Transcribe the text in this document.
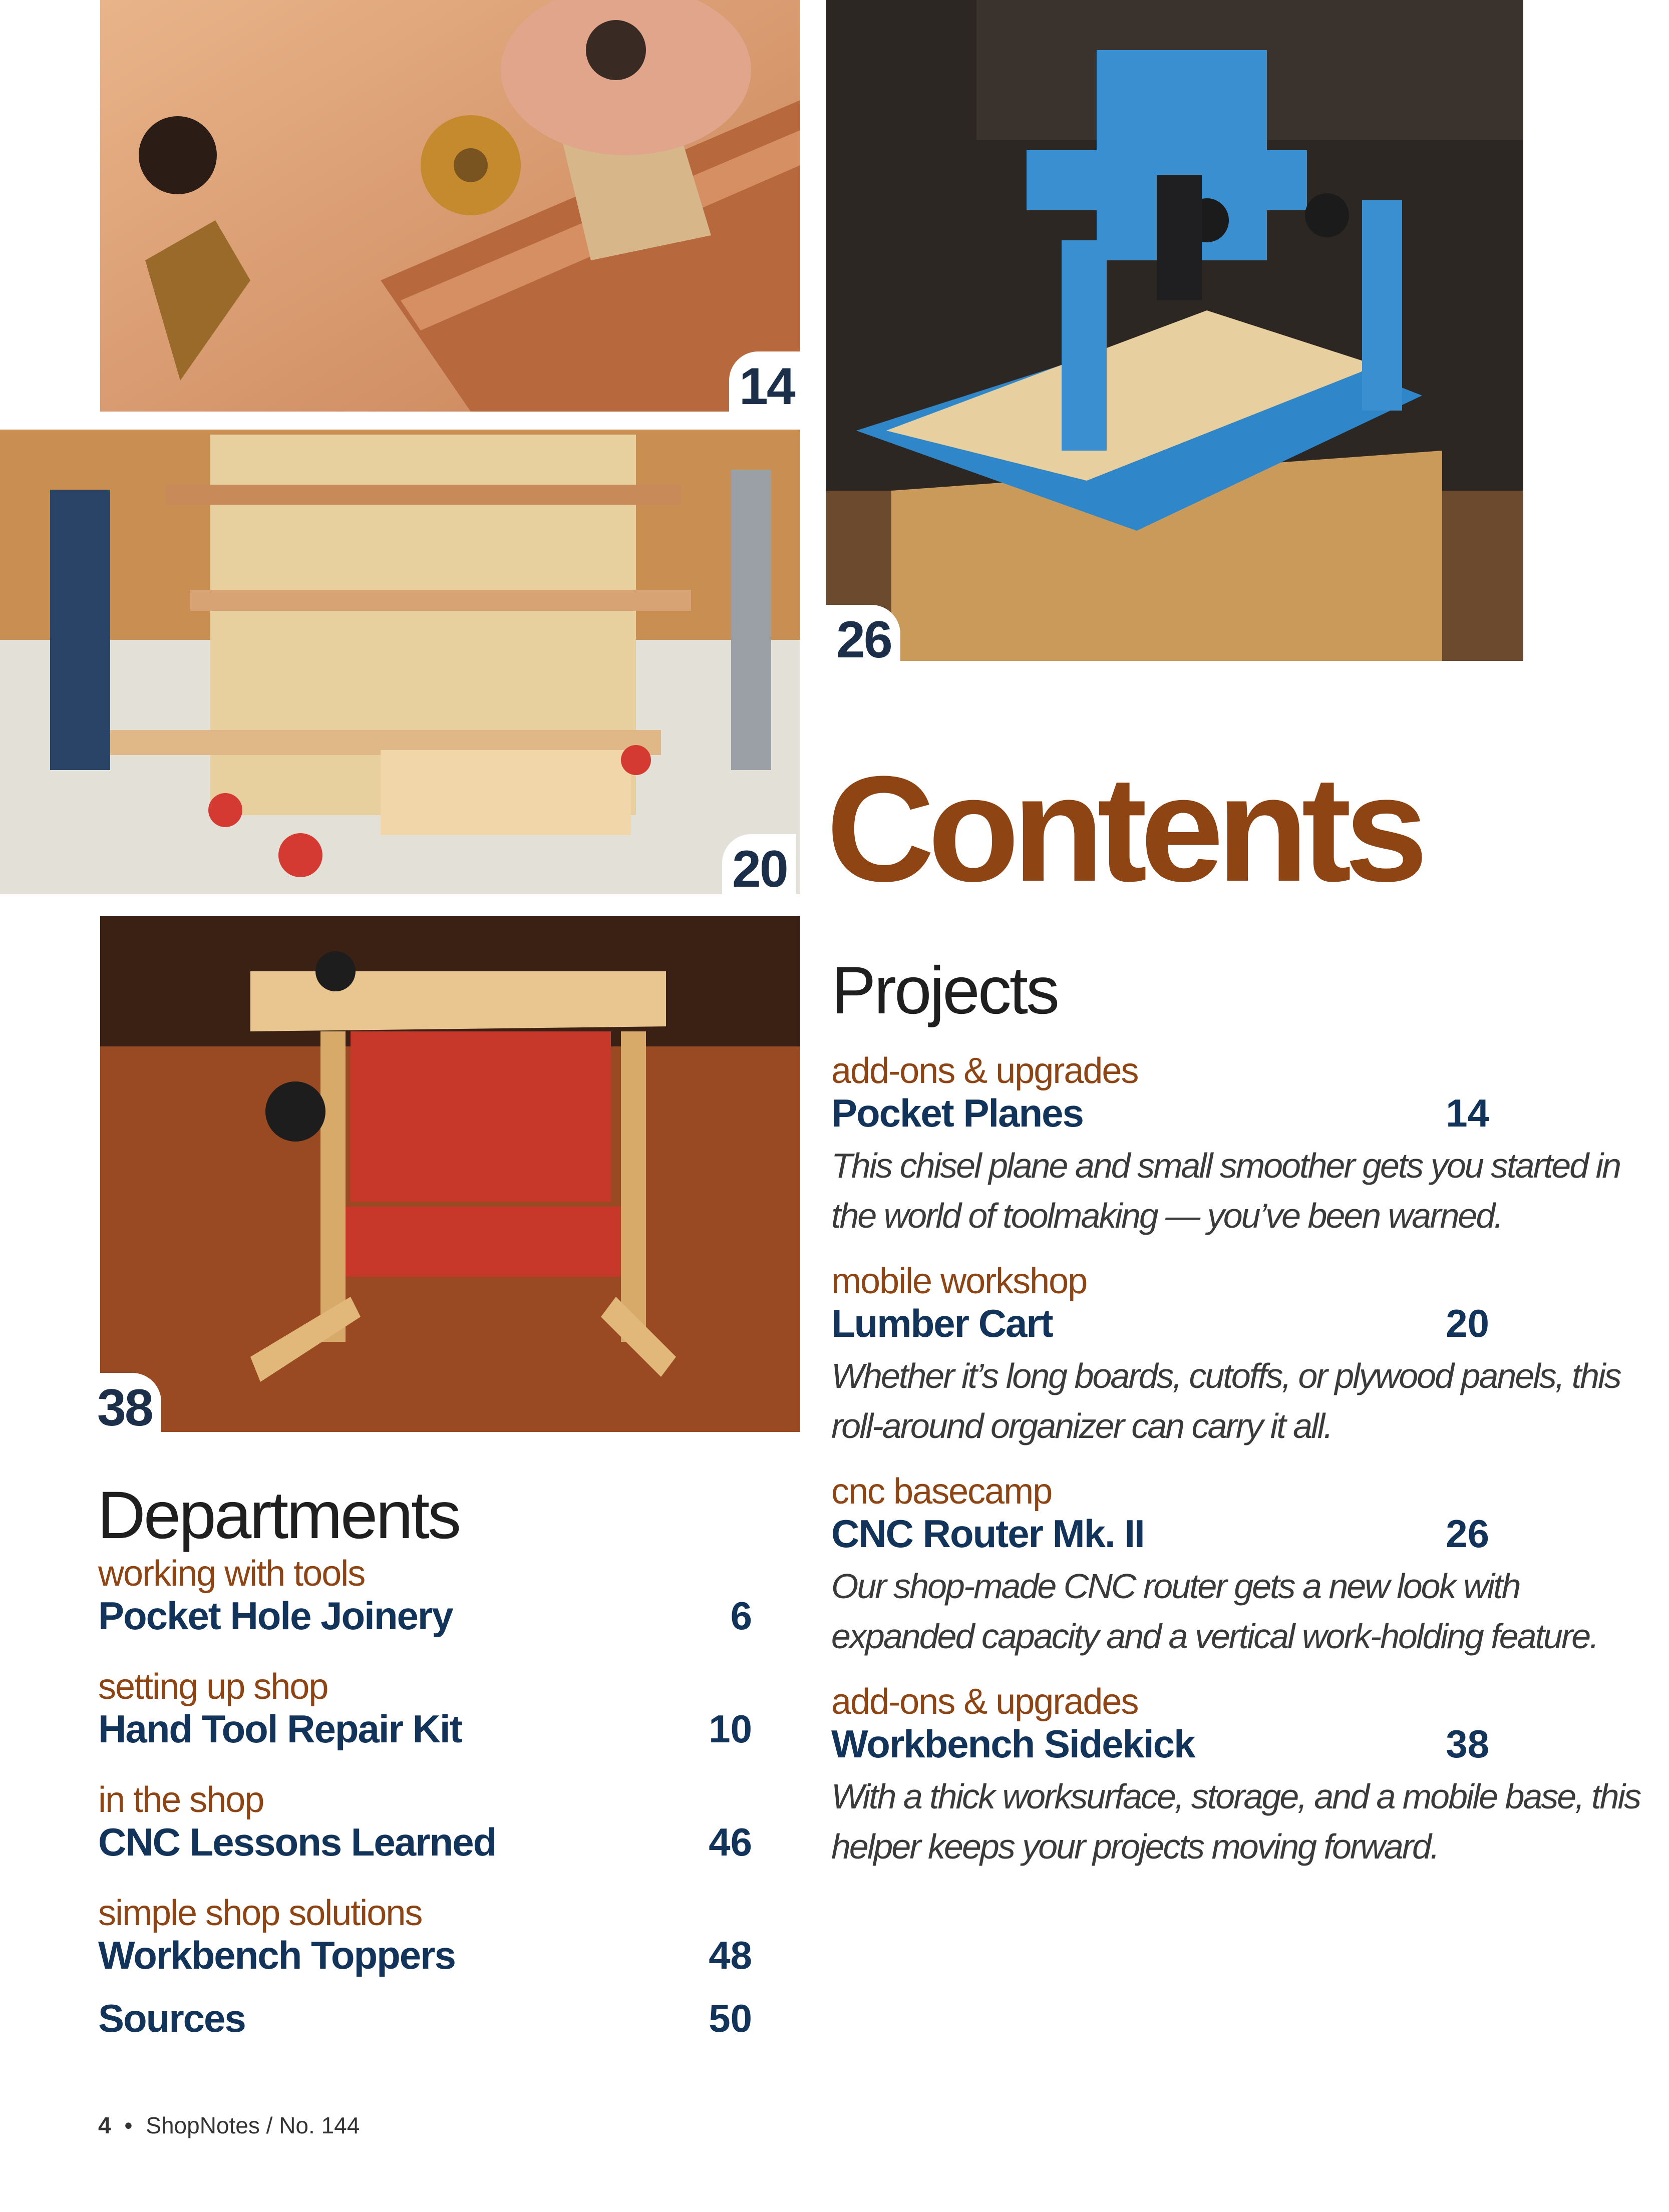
14
26
20
38
Contents
Projects
add-ons & upgrades
Pocket Planes	14
This chisel plane and small smoother gets you started in
the world of toolmaking — you’ve been warned.
mobile workshop
Lumber Cart	20
Whether it’s long boards, cutoffs, or plywood panels, this
roll-around organizer can carry it all.
cnc basecamp
CNC Router Mk. II	26
Our shop-made CNC router gets a new look with
expanded capacity and a vertical work-holding feature.
add-ons & upgrades
Workbench Sidekick	38
With a thick worksurface, storage, and a mobile base, this
helper keeps your projects moving forward.
Departments
working with tools
Pocket Hole Joinery	6
setting up shop
Hand Tool Repair Kit	10
in the shop
CNC Lessons Learned	46
simple shop solutions
Workbench Toppers	48
Sources	50
4 • ShopNotes / No. 144
